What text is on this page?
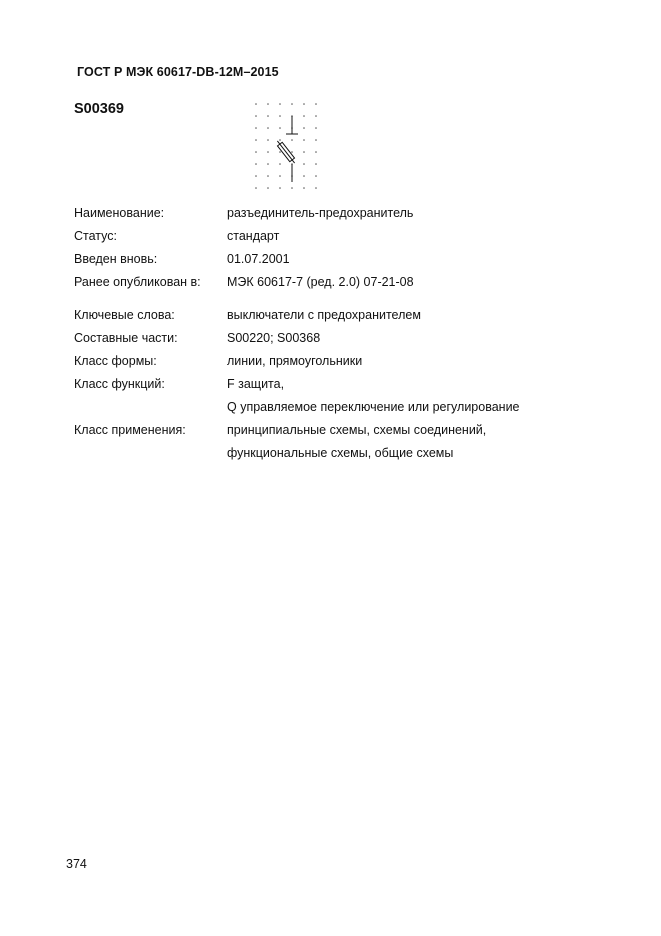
ГОСТ Р МЭК 60617-DB-12M–2015
S00369
Наименование:	разъединитель-предохранитель
Статус:	стандарт
Введен вновь:	01.07.2001
Ранее опубликован в: МЭК 60617-7 (ред. 2.0) 07-21-08
Ключевые слова:	выключатели с предохранителем
Составные части:	S00220; S00368
Класс формы:	линии, прямоугольники
Класс функций:	F защита,
Q управляемое переключение или регулирование
Класс применения:	принципиальные схемы, схемы соединений,
функциональные схемы, общие схемы
374
